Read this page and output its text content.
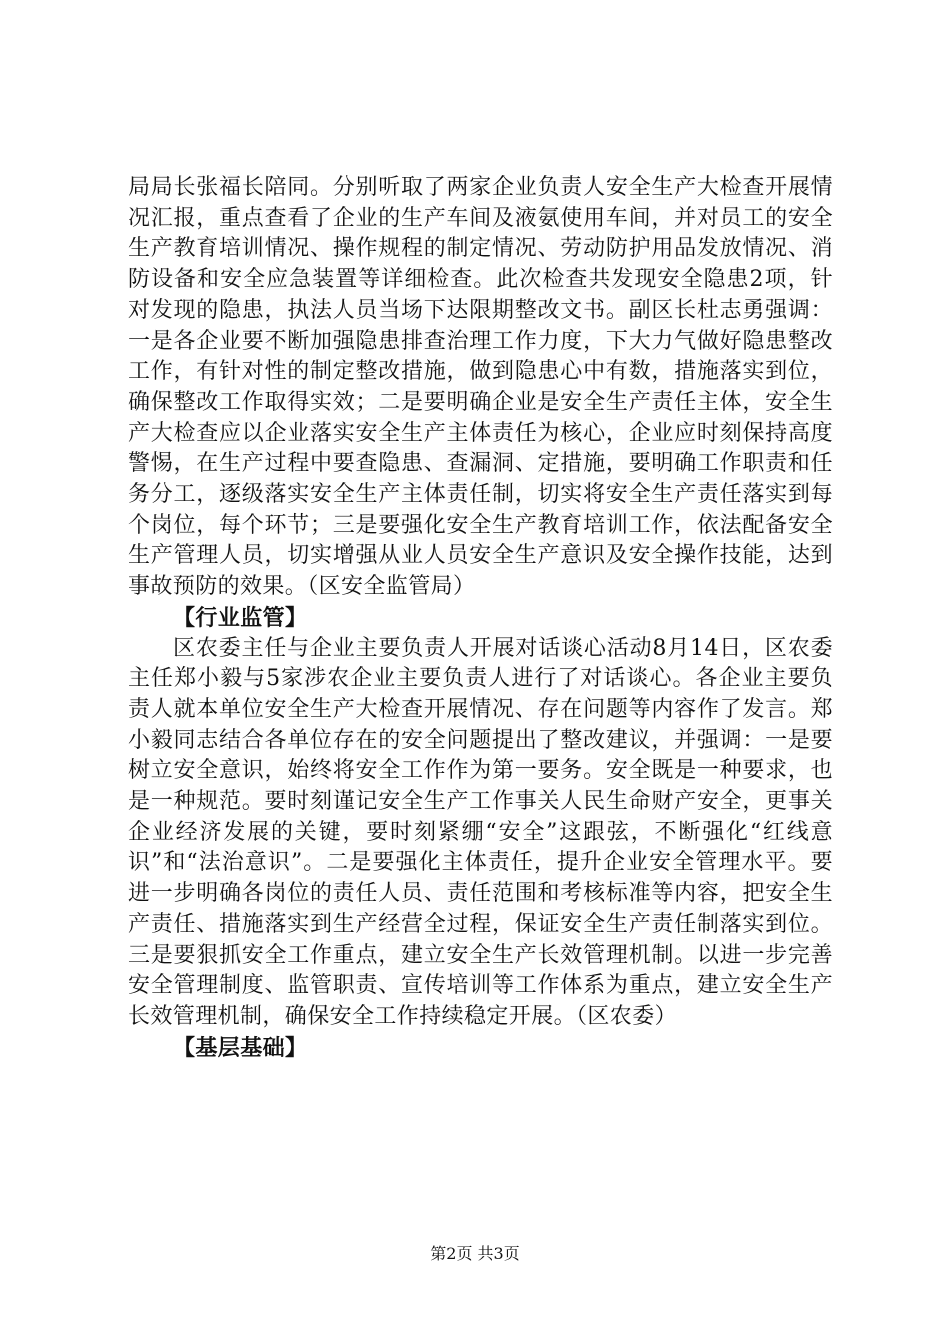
局局长张福长陪同。分别听取了两家企业负责人安全生产大检查开展情况汇报，重点查看了企业的生产车间及液氨使用车间，并对员工的安全生产教育培训情况、操作规程的制定情况、劳动防护用品发放情况、消防设备和安全应急装置等详细检查。此次检查共发现安全隐患2项，针对发现的隐患，执法人员当场下达限期整改文书。副区长杜志勇强调：一是各企业要不断加强隐患排查治理工作力度，下大力气做好隐患整改工作，有针对性的制定整改措施，做到隐患心中有数，措施落实到位，确保整改工作取得实效；二是要明确企业是安全生产责任主体，安全生产大检查应以企业落实安全生产主体责任为核心，企业应时刻保持高度警惕，在生产过程中要查隐患、查漏洞、定措施，要明确工作职责和任务分工，逐级落实安全生产主体责任制，切实将安全生产责任落实到每个岗位，每个环节；三是要强化安全生产教育培训工作，依法配备安全生产管理人员，切实增强从业人员安全生产意识及安全操作技能，达到事故预防的效果。（区安全监管局）

【行业监管】

区农委主任与企业主要负责人开展对话谈心活动8月14日，区农委主任郑小毅与5家涉农企业主要负责人进行了对话谈心。各企业主要负责人就本单位安全生产大检查开展情况、存在问题等内容作了发言。郑小毅同志结合各单位存在的安全问题提出了整改建议，并强调：一是要树立安全意识，始终将安全工作作为第一要务。安全既是一种要求，也是一种规范。要时刻谨记安全生产工作事关人民生命财产安全，更事关企业经济发展的关键，要时刻紧绷“安全”这跟弦，不断强化“红线意识”和“法治意识”。二是要强化主体责任，提升企业安全管理水平。要进一步明确各岗位的责任人员、责任范围和考核标准等内容，把安全生产责任、措施落实到生产经营全过程，保证安全生产责任制落实到位。三是要狠抓安全工作重点，建立安全生产长效管理机制。以进一步完善安全管理制度、监管职责、宣传培训等工作体系为重点，建立安全生产长效管理机制，确保安全工作持续稳定开展。（区农委）

【基层基础】

第2页 共3页
